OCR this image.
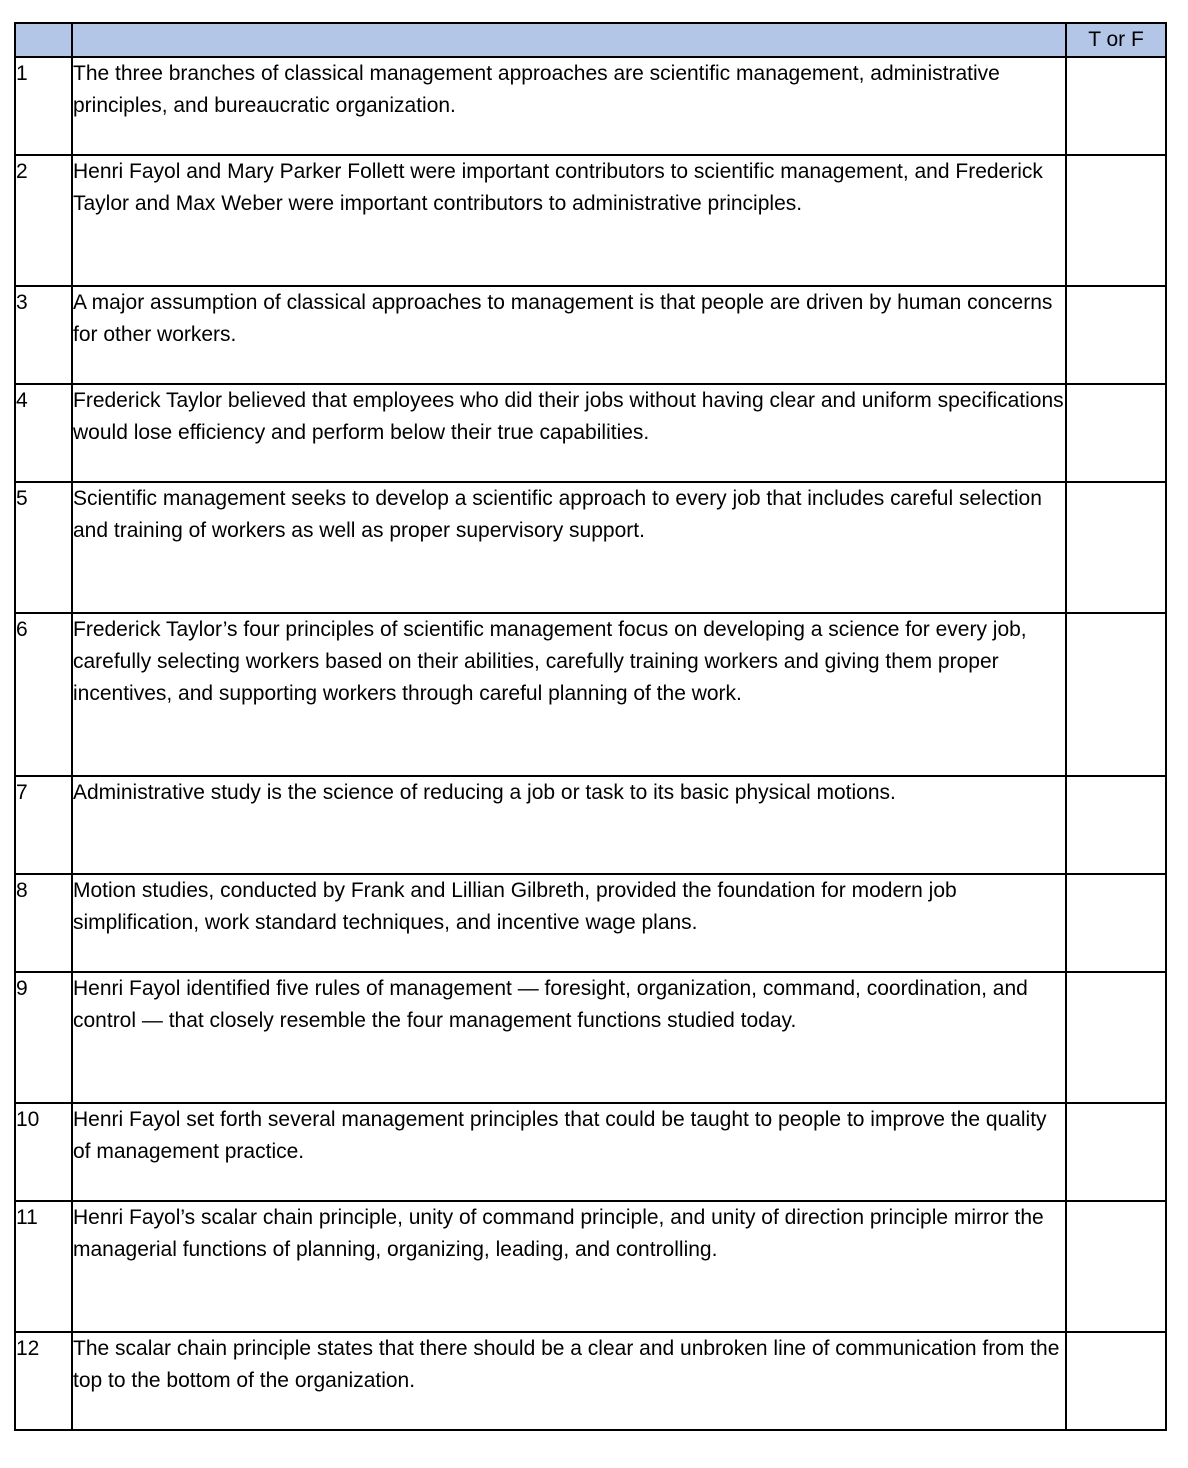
		T or F
1	The three branches of classical management approaches are scientific management, administrative principles, and bureaucratic organization.	
2	Henri Fayol and Mary Parker Follett were important contributors to scientific management, and Frederick Taylor and Max Weber were important contributors to administrative principles.	
3	A major assumption of classical approaches to management is that people are driven by human concerns for other workers.	
4	Frederick Taylor believed that employees who did their jobs without having clear and uniform specifications would lose efficiency and perform below their true capabilities.	
5	Scientific management seeks to develop a scientific approach to every job that includes careful selection and training of workers as well as proper supervisory support.	
6	Frederick Taylor’s four principles of scientific management focus on developing a science for every job, carefully selecting workers based on their abilities, carefully training workers and giving them proper incentives, and supporting workers through careful planning of the work.	
7	Administrative study is the science of reducing a job or task to its basic physical motions.	
8	Motion studies, conducted by Frank and Lillian Gilbreth, provided the foundation for modern job simplification, work standard techniques, and incentive wage plans.	
9	Henri Fayol identified five rules of management — foresight, organization, command, coordination, and control — that closely resemble the four management functions studied today.	
10	Henri Fayol set forth several management principles that could be taught to people to improve the quality of management practice.	
11	Henri Fayol’s scalar chain principle, unity of command principle, and unity of direction principle mirror the managerial functions of planning, organizing, leading, and controlling.	
12	The scalar chain principle states that there should be a clear and unbroken line of communication from the top to the bottom of the organization.	
